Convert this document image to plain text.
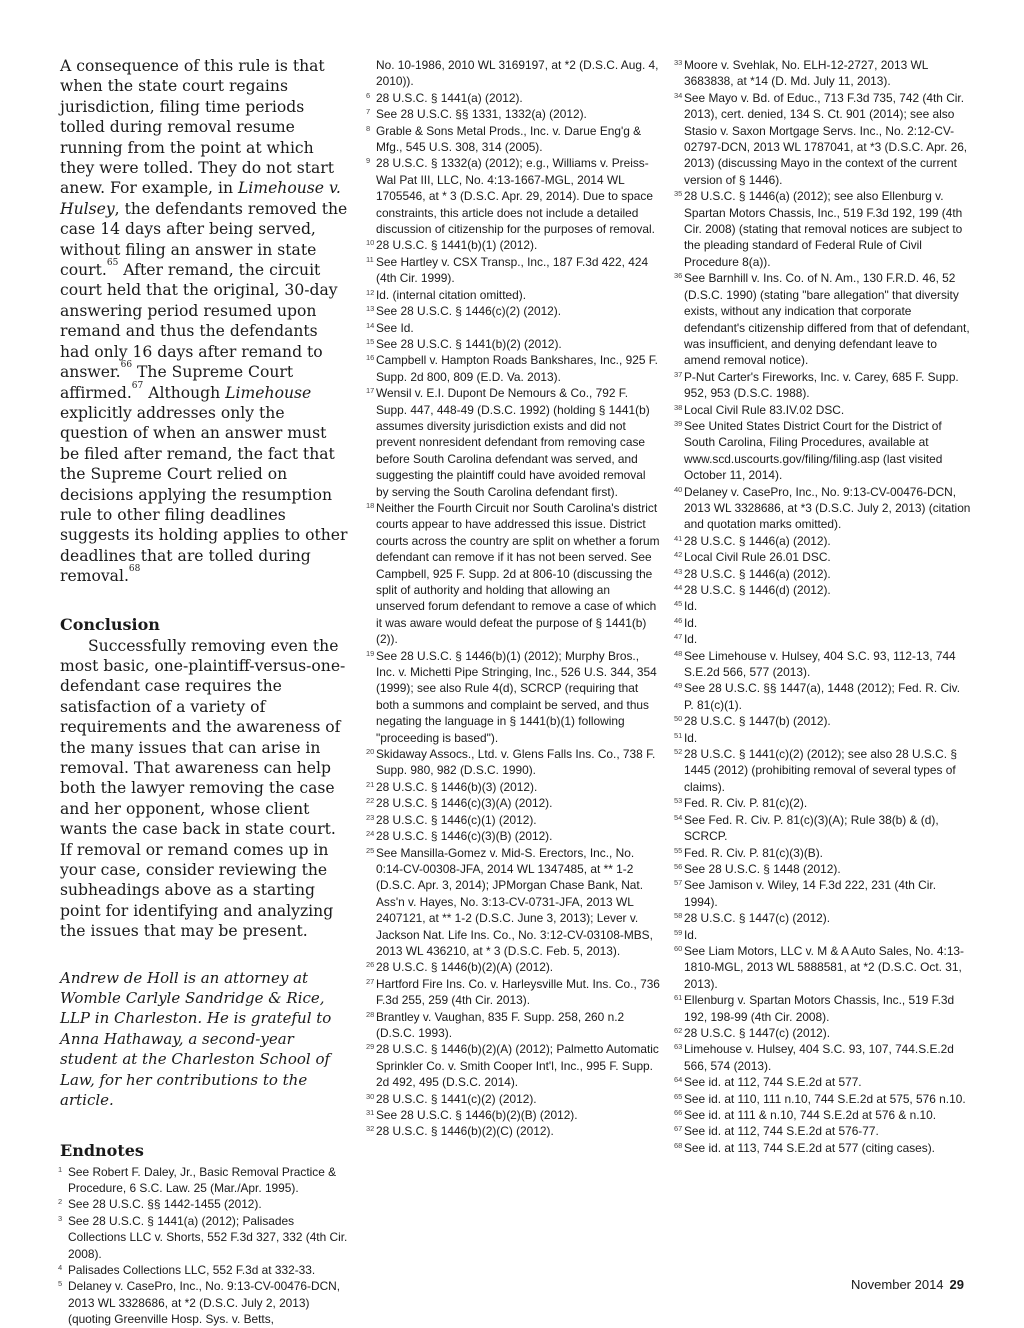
A consequence of this rule is that when the state court regains jurisdiction, filing time periods tolled during removal resume running from the point at which they were tolled. They do not start anew. For example, in Limehouse v. Hulsey, the defendants removed the case 14 days after being served, without filing an answer in state court.$^{65}$ After remand, the circuit court held that the original, 30-day answering period resumed upon remand and thus the defendants had only 16 days after remand to answer.$^{66}$ The Supreme Court affirmed.$^{67}$ Although Limehouse explicitly addresses only the question of when an answer must be filed after remand, the fact that the Supreme Court relied on decisions applying the resumption rule to other filing deadlines suggests its holding applies to other deadlines that are tolled during removal.$^{68}$

Conclusion

Successfully removing even the most basic, one-plaintiff-versus-one-defendant case requires the satisfaction of a variety of requirements and the awareness of the many issues that can arise in removal. That awareness can help both the lawyer removing the case and her opponent, whose client wants the case back in state court. If removal or remand comes up in your case, consider reviewing the subheadings above as a starting point for identifying and analyzing the issues that may be present.

Andrew de Holl is an attorney at Womble Carlyle Sandridge & Rice, LLP in Charleston. He is grateful to Anna Hathaway, a second-year student at the Charleston School of Law, for her contributions to the article.

Endnotes
1 See Robert F. Daley, Jr., Basic Removal Practice & Procedure, 6 S.C. Law. 25 (Mar./Apr. 1995).
2 See 28 U.S.C. §§ 1442-1455 (2012).
3 See 28 U.S.C. § 1441(a) (2012); Palisades Collections LLC v. Shorts, 552 F.3d 327, 332 (4th Cir. 2008).
4 Palisades Collections LLC, 552 F.3d at 332-33.
5 Delaney v. CasePro, Inc., No. 9:13-CV-00476-DCN, 2013 WL 3328686, at *2 (D.S.C. July 2, 2013) (quoting Greenville Hosp. Sys. v. Betts,
No. 10-1986, 2010 WL 3169197, at *2 (D.S.C. Aug. 4, 2010)).
6 28 U.S.C. § 1441(a) (2012).
7 See 28 U.S.C. §§ 1331, 1332(a) (2012).
8 Grable & Sons Metal Prods., Inc. v. Darue Eng'g & Mfg., 545 U.S. 308, 314 (2005).
9 28 U.S.C. § 1332(a) (2012); e.g., Williams v. Preiss-Wal Pat III, LLC, No. 4:13-1667-MGL, 2014 WL 1705546, at * 3 (D.S.C. Apr. 29, 2014). Due to space constraints, this article does not include a detailed discussion of citizenship for the purposes of removal.
10 28 U.S.C. § 1441(b)(1) (2012).
11 See Hartley v. CSX Transp., Inc., 187 F.3d 422, 424 (4th Cir. 1999).
12 Id. (internal citation omitted).
13 See 28 U.S.C. § 1446(c)(2) (2012).
14 See Id.
15 See 28 U.S.C. § 1441(b)(2) (2012).
16 Campbell v. Hampton Roads Bankshares, Inc., 925 F. Supp. 2d 800, 809 (E.D. Va. 2013).
17 Wensil v. E.I. Dupont De Nemours & Co., 792 F. Supp. 447, 448-49 (D.S.C. 1992) (holding § 1441(b) assumes diversity jurisdiction exists and did not prevent nonresident defendant from removing case before South Carolina defendant was served, and suggesting the plaintiff could have avoided removal by serving the South Carolina defendant first).
18 Neither the Fourth Circuit nor South Carolina's district courts appear to have addressed this issue. District courts across the country are split on whether a forum defendant can remove if it has not been served. See Campbell, 925 F. Supp. 2d at 806-10 (discussing the split of authority and holding that allowing an unserved forum defendant to remove a case of which it was aware would defeat the purpose of § 1441(b)(2)).
19 See 28 U.S.C. § 1446(b)(1) (2012); Murphy Bros., Inc. v. Michetti Pipe Stringing, Inc., 526 U.S. 344, 354 (1999); see also Rule 4(d), SCRCP (requiring that both a summons and complaint be served, and thus negating the language in § 1441(b)(1) following "proceeding is based").
20 Skidaway Assocs., Ltd. v. Glens Falls Ins. Co., 738 F. Supp. 980, 982 (D.S.C. 1990).
21 28 U.S.C. § 1446(b)(3) (2012).
22 28 U.S.C. § 1446(c)(3)(A) (2012).
23 28 U.S.C. § 1446(c)(1) (2012).
24 28 U.S.C. § 1446(c)(3)(B) (2012).
25 See Mansilla-Gomez v. Mid-S. Erectors, Inc., No. 0:14-CV-00308-JFA, 2014 WL 1347485, at ** 1-2 (D.S.C. Apr. 3, 2014); JPMorgan Chase Bank, Nat. Ass'n v. Hayes, No. 3:13-CV-0731-JFA, 2013 WL 2407121, at ** 1-2 (D.S.C. June 3, 2013); Lever v. Jackson Nat. Life Ins. Co., No. 3:12-CV-03108-MBS, 2013 WL 436210, at * 3 (D.S.C. Feb. 5, 2013).
26 28 U.S.C. § 1446(b)(2)(A) (2012).
27 Hartford Fire Ins. Co. v. Harleysville Mut. Ins. Co., 736 F.3d 255, 259 (4th Cir. 2013).
28 Brantley v. Vaughan, 835 F. Supp. 258, 260 n.2 (D.S.C. 1993).
29 28 U.S.C. § 1446(b)(2)(A) (2012); Palmetto Automatic Sprinkler Co. v. Smith Cooper Int'l, Inc., 995 F. Supp. 2d 492, 495 (D.S.C. 2014).
30 28 U.S.C. § 1441(c)(2) (2012).
31 See 28 U.S.C. § 1446(b)(2)(B) (2012).
32 28 U.S.C. § 1446(b)(2)(C) (2012).
33 Moore v. Svehlak, No. ELH-12-2727, 2013 WL 3683838, at *14 (D. Md. July 11, 2013).
34 See Mayo v. Bd. of Educ., 713 F.3d 735, 742 (4th Cir. 2013), cert. denied, 134 S. Ct. 901 (2014); see also Stasio v. Saxon Mortgage Servs. Inc., No. 2:12-CV-02797-DCN, 2013 WL 1787041, at *3 (D.S.C. Apr. 26, 2013) (discussing Mayo in the context of the current version of § 1446).
35 28 U.S.C. § 1446(a) (2012); see also Ellenburg v. Spartan Motors Chassis, Inc., 519 F.3d 192, 199 (4th Cir. 2008) (stating that removal notices are subject to the pleading standard of Federal Rule of Civil Procedure 8(a)).
36 See Barnhill v. Ins. Co. of N. Am., 130 F.R.D. 46, 52 (D.S.C. 1990) (stating "bare allegation" that diversity exists, without any indication that corporate defendant's citizenship differed from that of defendant, was insufficient, and denying defendant leave to amend removal notice).
37 P-Nut Carter's Fireworks, Inc. v. Carey, 685 F. Supp. 952, 953 (D.S.C. 1988).
38 Local Civil Rule 83.IV.02 DSC.
39 See United States District Court for the District of South Carolina, Filing Procedures, available at www.scd.uscourts.gov/filing/filing.asp (last visited October 11, 2014).
40 Delaney v. CasePro, Inc., No. 9:13-CV-00476-DCN, 2013 WL 3328686, at *3 (D.S.C. July 2, 2013) (citation and quotation marks omitted).
41 28 U.S.C. § 1446(a) (2012).
42 Local Civil Rule 26.01 DSC.
43 28 U.S.C. § 1446(a) (2012).
44 28 U.S.C. § 1446(d) (2012).
45 Id.
46 Id.
47 Id.
48 See Limehouse v. Hulsey, 404 S.C. 93, 112-13, 744 S.E.2d 566, 577 (2013).
49 See 28 U.S.C. §§ 1447(a), 1448 (2012); Fed. R. Civ. P. 81(c)(1).
50 28 U.S.C. § 1447(b) (2012).
51 Id.
52 28 U.S.C. § 1441(c)(2) (2012); see also 28 U.S.C. § 1445 (2012) (prohibiting removal of several types of claims).
53 Fed. R. Civ. P. 81(c)(2).
54 See Fed. R. Civ. P. 81(c)(3)(A); Rule 38(b) & (d), SCRCP.
55 Fed. R. Civ. P. 81(c)(3)(B).
56 See 28 U.S.C. § 1448 (2012).
57 See Jamison v. Wiley, 14 F.3d 222, 231 (4th Cir. 1994).
58 28 U.S.C. § 1447(c) (2012).
59 Id.
60 See Liam Motors, LLC v. M & A Auto Sales, No. 4:13-1810-MGL, 2013 WL 5888581, at *2 (D.S.C. Oct. 31, 2013).
61 Ellenburg v. Spartan Motors Chassis, Inc., 519 F.3d 192, 198-99 (4th Cir. 2008).
62 28 U.S.C. § 1447(c) (2012).
63 Limehouse v. Hulsey, 404 S.C. 93, 107, 744.S.E.2d 566, 574 (2013).
64 See id. at 112, 744 S.E.2d at 577.
65 See id. at 110, 111 n.10, 744 S.E.2d at 575, 576 n.10.
66 See id. at 111 & n.10, 744 S.E.2d at 576 & n.10.
67 See id. at 112, 744 S.E.2d at 576-77.
68 See id. at 113, 744 S.E.2d at 577 (citing cases).
November 2014 29
